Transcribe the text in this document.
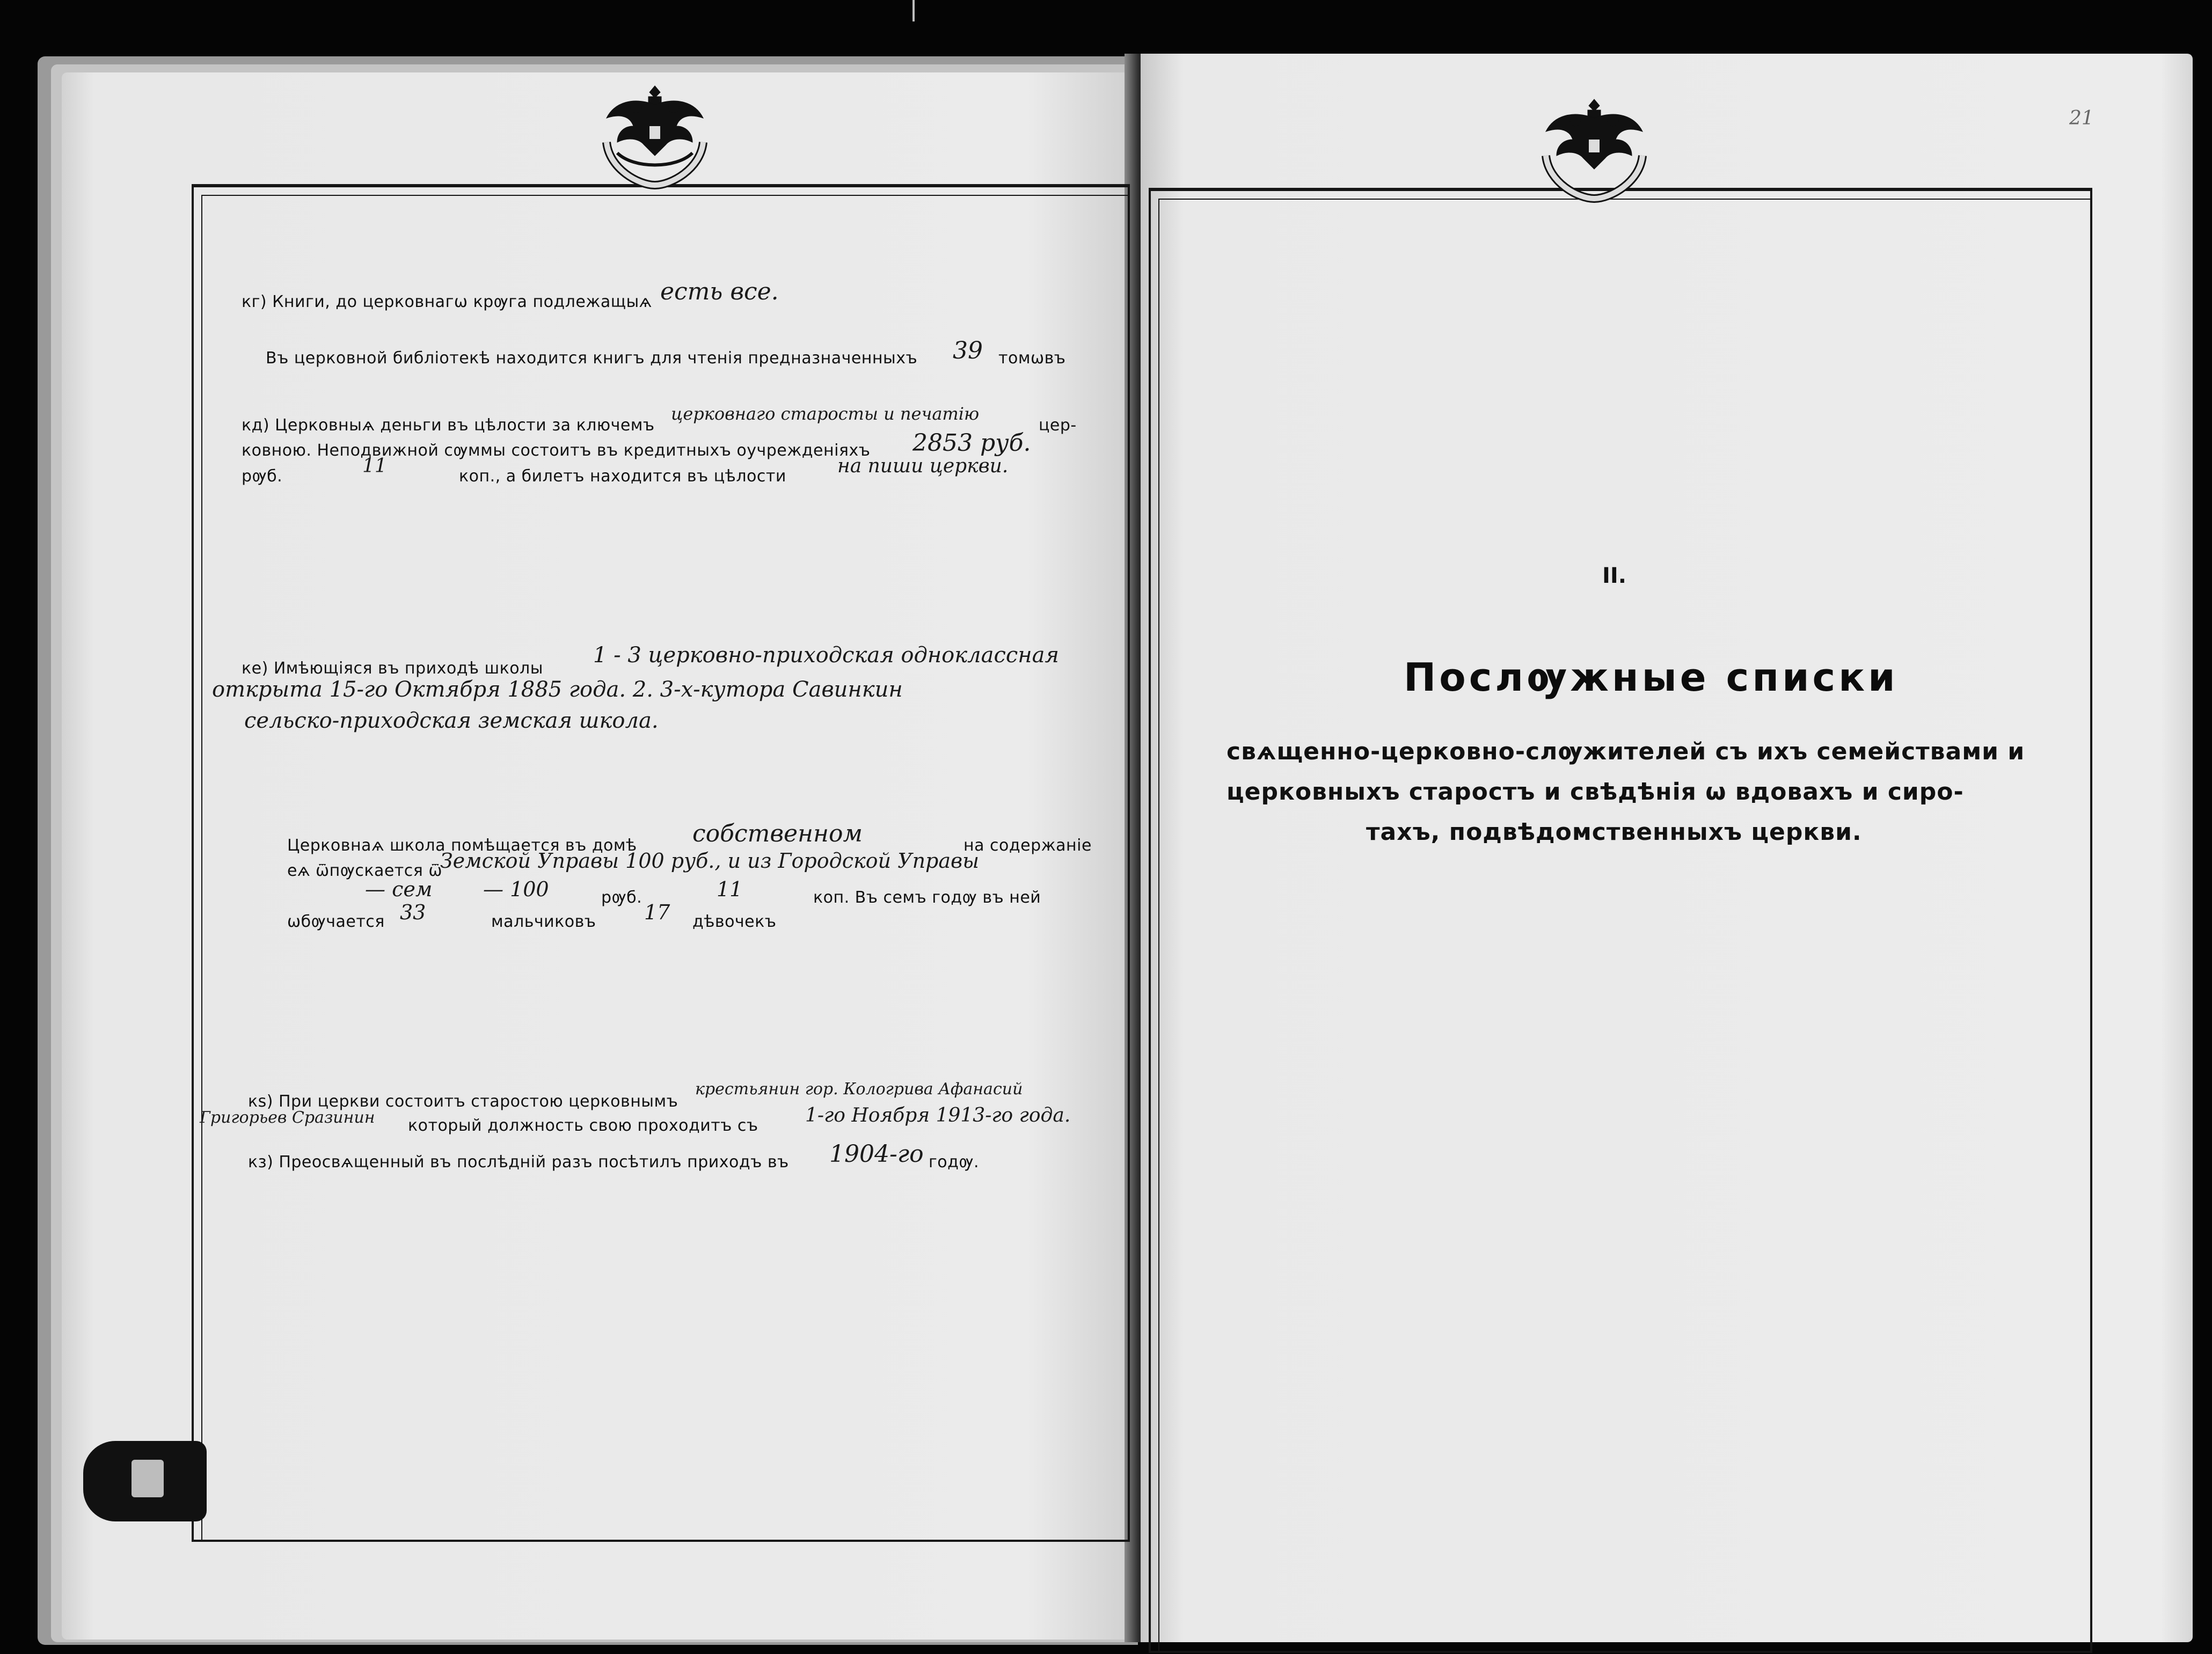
21
кг) Книги, до церковнагѡ крѹга подлежащыѧ есть все.
Въ церковной библіотекѣ находится книгъ для чтенія предназначенныхъ 39 томѡвъ
кд) Церковныѧ деньги въ цѣлости за ключемъ
церковнаго старосты и печатію
цер-
ковною. Неподвижной сѹммы состоитъ въ кредитныхъ оучрежденіяхъ 2853 руб.
рѹб.	11	коп., а билетъ находится въ цѣлости	на пиши церкви.
ке) Имѣющіяся въ приходѣ школы
1 - 3 церковно-приходская одноклассная
открыта 15-го Октября 1885 года. 2. 3-х-кутора Савинкин
сельско-приходская земская школа.
Церковнаѧ школа помѣщается въ домѣ собственном	на содержаніе
еѧ ѿпѹскается ѿ
Земской Управы 100 руб., и из Городской Управы
— сем — 100	рѹб.	11	коп. Въ семъ годѹ въ ней
ѡбѹчается 33	мальчиковъ 17 дѣвочекъ
кѕ) При церкви состоитъ старостою церковнымъ
крестьянин гор. Кологрива Афанасий
Григорьев Сразинин который должность свою проходитъ съ 1-го Ноября 1913-го года.
кз) Преосвѧщенный въ послѣдній разъ посѣтилъ приходъ въ 1904-го годѹ.
II.
Послѹжные списки
свѧщенно-церковно-слѹжителей съ ихъ семействами и
церковныхъ старостъ и свѣдѣнія ѡ вдовахъ и сиро-
тахъ, подвѣдомственныхъ церкви.
